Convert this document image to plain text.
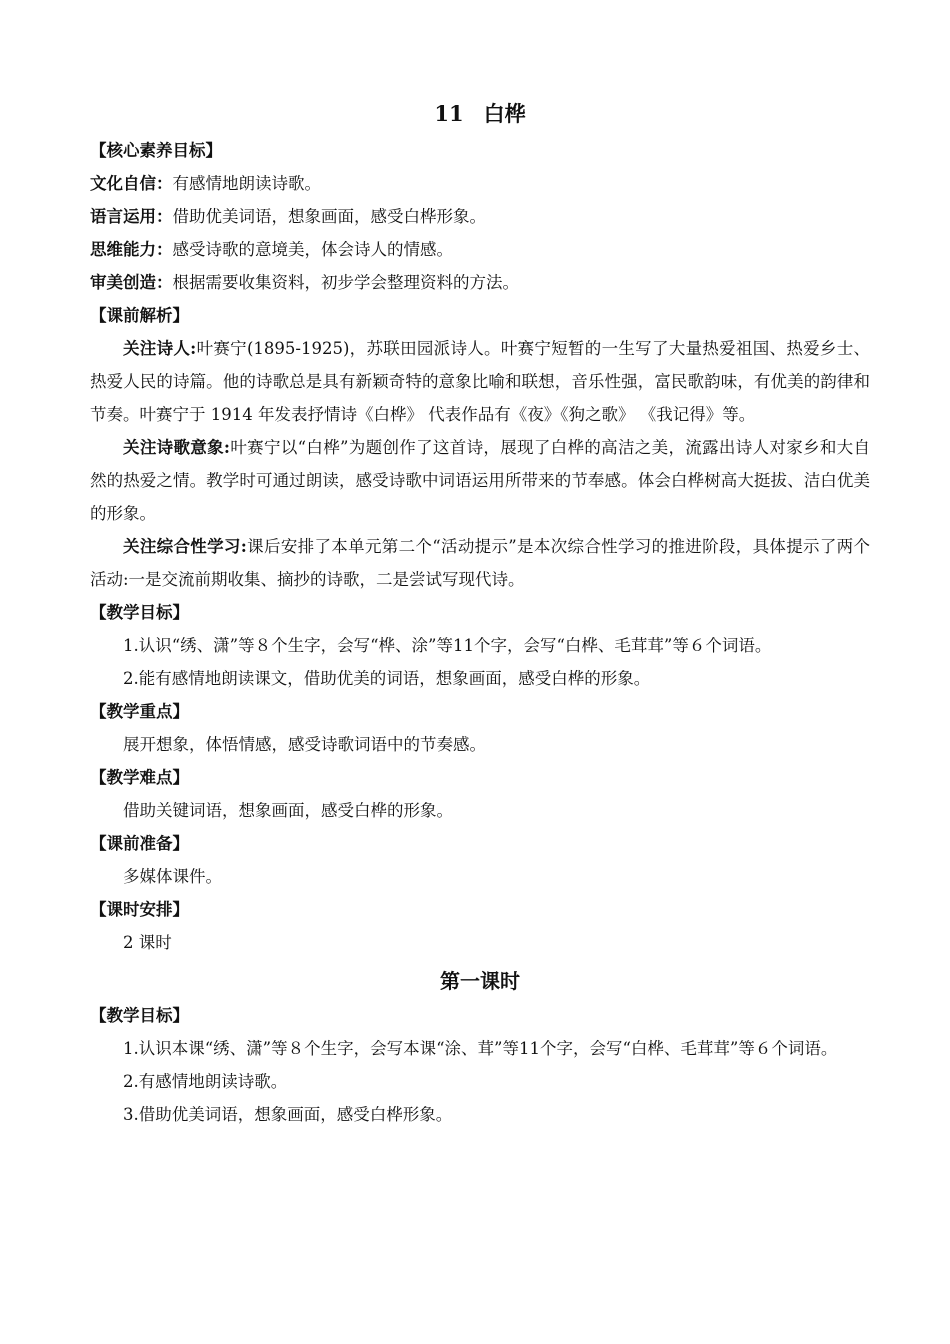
11 白桦
【核心素养目标】
文化自信：有感情地朗读诗歌。
语言运用：借助优美词语，想象画面，感受白桦形象。
思维能力：感受诗歌的意境美，体会诗人的情感。
审美创造：根据需要收集资料，初步学会整理资料的方法。
【课前解析】

关注诗人:叶赛宁(1895-1925)，苏联田园派诗人。叶赛宁短暂的一生写了大量热爱祖国、热爱乡士、热爱人民的诗篇。他的诗歌总是具有新颖奇特的意象比喻和联想，音乐性强，富民歌韵味，有优美的韵律和节奏。叶赛宁于 1914 年发表抒情诗《白桦》 代表作品有《夜》《狗之歌》 《我记得》等。

关注诗歌意象:叶赛宁以“白桦”为题创作了这首诗，展现了白桦的高洁之美，流露出诗人对家乡和大自然的热爱之情。教学时可通过朗读，感受诗歌中词语运用所带来的节奉感。体会白桦树高大挺拔、洁白优美的形象。

关注综合性学习:课后安排了本单元第二个“活动提示”是本次综合性学习的推进阶段，具体提示了两个活动:一是交流前期收集、摘抄的诗歌，二是尝试写现代诗。

【教学目标】

1.认识“绣、潇”等８个生字，会写“桦、涂”等11个字，会写“白桦、毛茸茸”等６个词语。

2.能有感情地朗读课文，借助优美的词语，想象画面，感受白桦的形象。

【教学重点】

展开想象，体悟情感，感受诗歌词语中的节奏感。

【教学难点】

借助关键词语，想象画面，感受白桦的形象。

【课前准备】

多媒体课件。

【课时安排】

2 课时

第一课时
【教学目标】

1.认识本课“绣、潇”等８个生字，会写本课“涂、茸”等11个字，会写“白桦、毛茸茸”等６个词语。

2.有感情地朗读诗歌。

3.借助优美词语，想象画面，感受白桦形象。
